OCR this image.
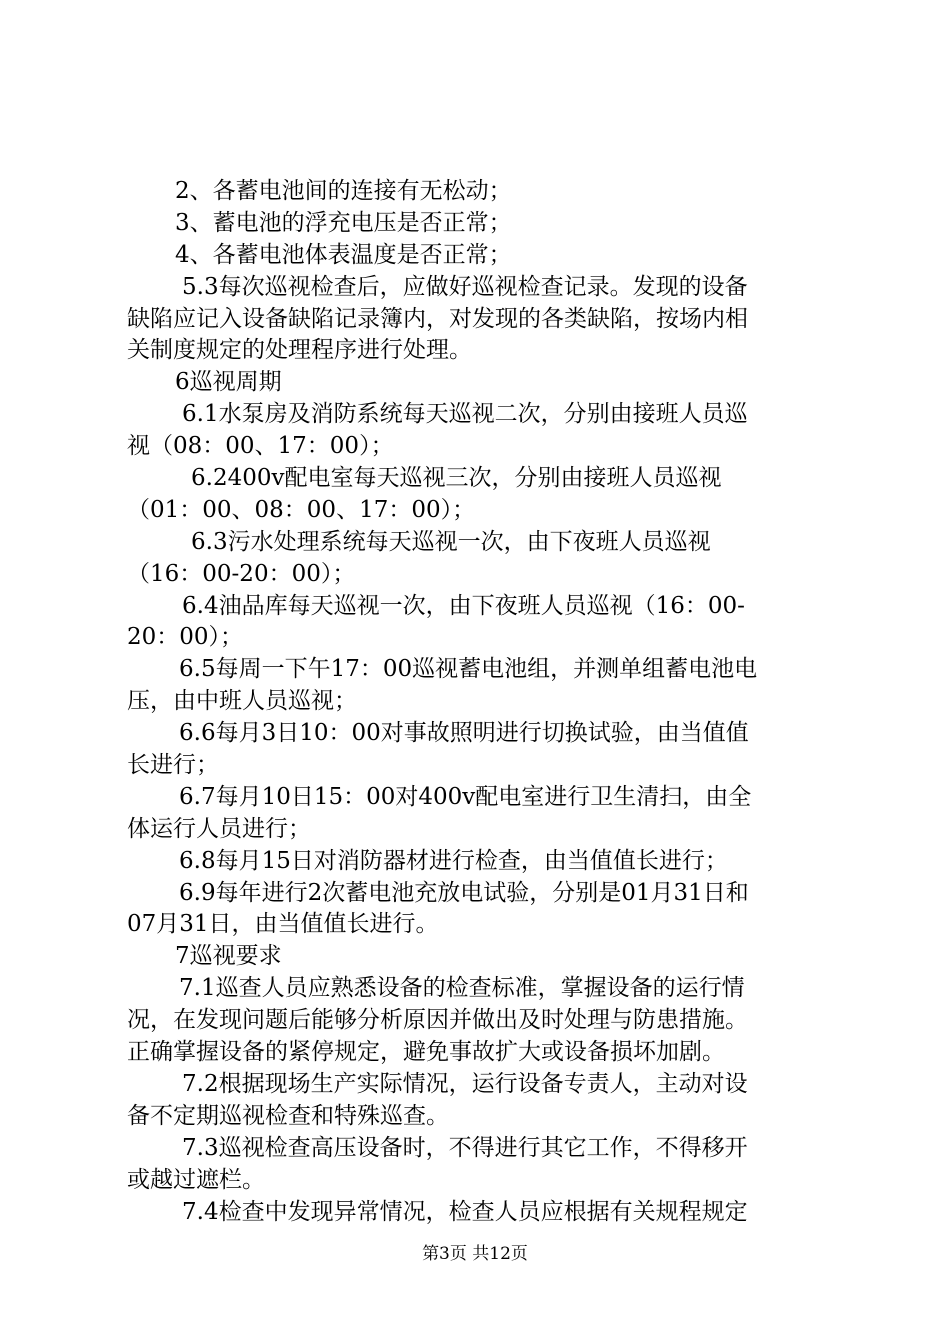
2、各蓄电池间的连接有无松动；
3、蓄电池的浮充电压是否正常；
4、各蓄电池体表温度是否正常；
5.3每次巡视检查后，应做好巡视检查记录。发现的设备
缺陷应记入设备缺陷记录簿内，对发现的各类缺陷，按场内相
关制度规定的处理程序进行处理。
6巡视周期
6.1水泵房及消防系统每天巡视二次，分别由接班人员巡
视（08：00、17：00）；
6.2400v配电室每天巡视三次，分别由接班人员巡视
（01：00、08：00、17：00）；
6.3污水处理系统每天巡视一次，由下夜班人员巡视
（16：00-20：00）；
6.4油品库每天巡视一次，由下夜班人员巡视（16：00-
20：00）；
6.5每周一下午17：00巡视蓄电池组，并测单组蓄电池电
压，由中班人员巡视；
6.6每月3日10：00对事故照明进行切换试验，由当值值
长进行；
6.7每月10日15：00对400v配电室进行卫生清扫，由全
体运行人员进行；
6.8每月15日对消防器材进行检查，由当值值长进行；
6.9每年进行2次蓄电池充放电试验，分别是01月31日和
07月31日，由当值值长进行。
7巡视要求
7.1巡查人员应熟悉设备的检查标准，掌握设备的运行情
况，在发现问题后能够分析原因并做出及时处理与防患措施。
正确掌握设备的紧停规定，避免事故扩大或设备损坏加剧。
7.2根据现场生产实际情况，运行设备专责人，主动对设
备不定期巡视检查和特殊巡查。
7.3巡视检查高压设备时，不得进行其它工作，不得移开
或越过遮栏。
7.4检查中发现异常情况，检查人员应根据有关规程规定
第3页 共12页
